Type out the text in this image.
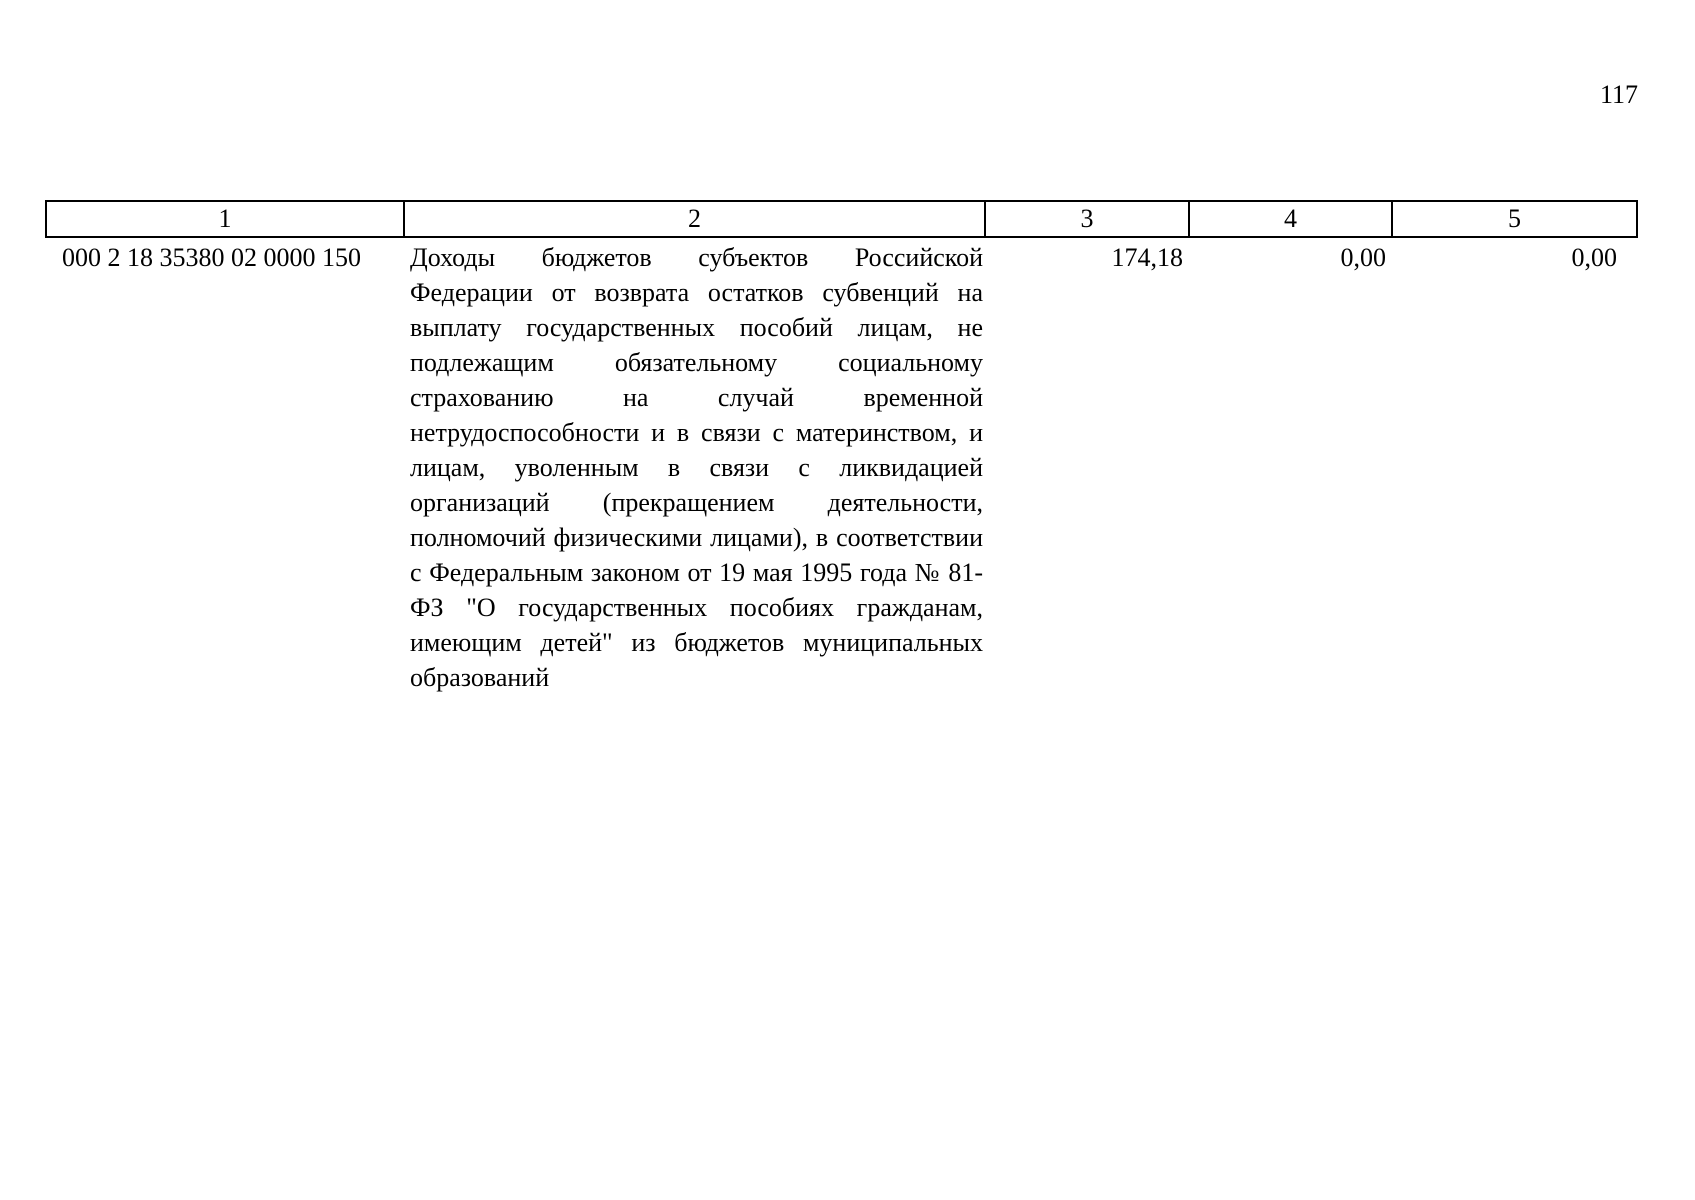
117
1	2	3	4	5
000 2 18 35380 02 0000 150	Доходы бюджетов субъектов Российской Федерации от возврата остатков субвенций на выплату государственных пособий лицам, не подлежащим обязательному социальному страхованию на случай временной нетрудоспособности и в связи с материнством, и лицам, уволенным в связи с ликвидацией организаций (прекращением деятельности, полномочий физическими лицами), в соответствии с Федеральным законом от 19 мая 1995 года № 81-ФЗ "О государственных пособиях гражданам, имеющим детей" из бюджетов муниципальных образований	174,18	0,00	0,00
